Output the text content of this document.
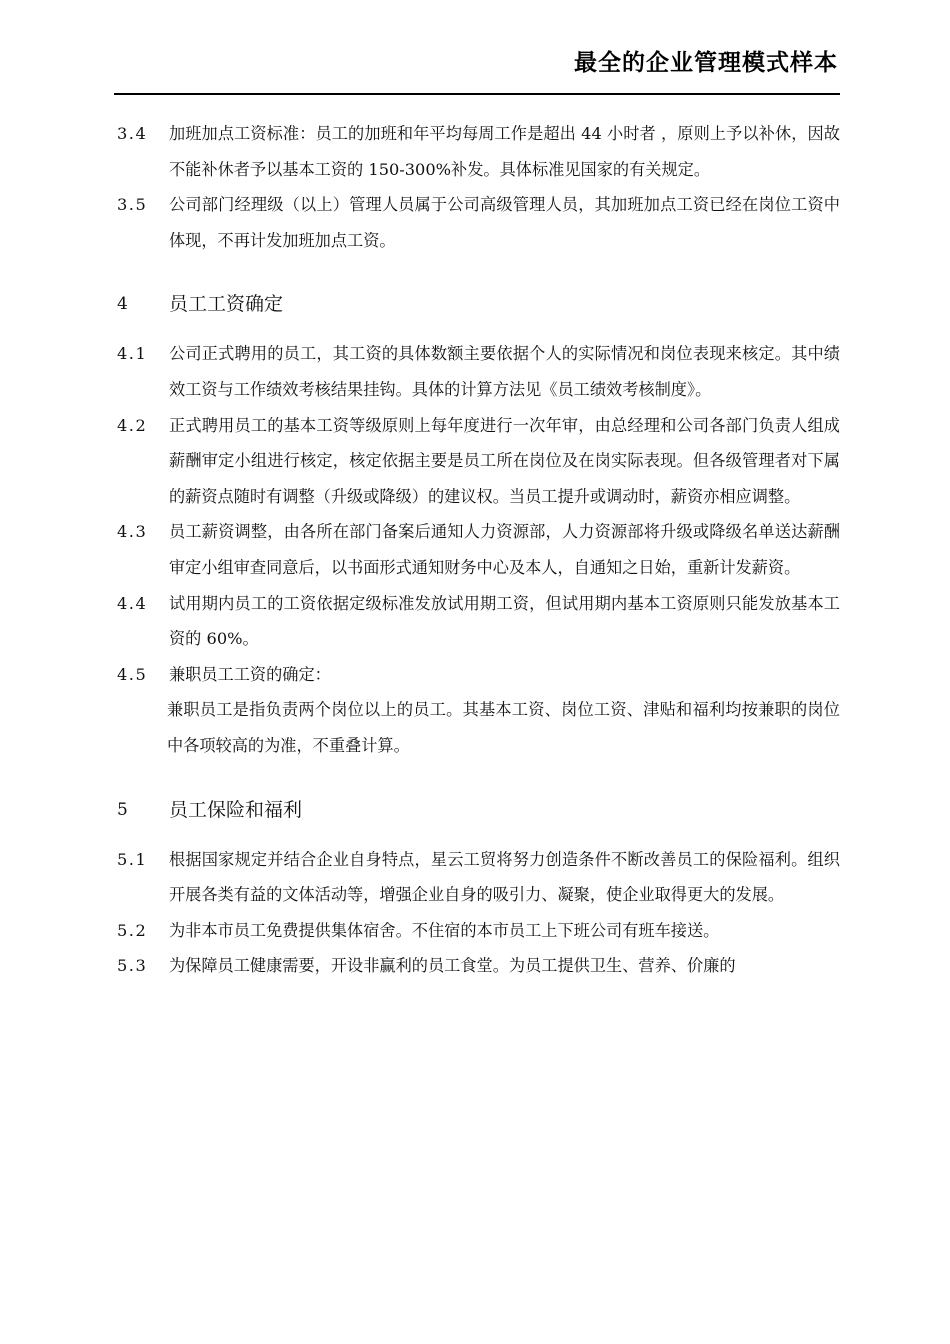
最全的企业管理模式样本
3.4	加班加点工资标准：员工的加班和年平均每周工作是超出 44 小时者 ，原则上予以补休，因故不能补休者予以基本工资的 150-300%补发。具体标准见国家的有关规定。
3.5	公司部门经理级（以上）管理人员属于公司高级管理人员，其加班加点工资已经在岗位工资中体现，不再计发加班加点工资。
4	员工工资确定
4.1	公司正式聘用的员工，其工资的具体数额主要依据个人的实际情况和岗位表现来核定。其中绩效工资与工作绩效考核结果挂钩。具体的计算方法见《员工绩效考核制度》。
4.2	正式聘用员工的基本工资等级原则上每年度进行一次年审，由总经理和公司各部门负责人组成薪酬审定小组进行核定，核定依据主要是员工所在岗位及在岗实际表现。但各级管理者对下属的薪资点随时有调整（升级或降级）的建议权。当员工提升或调动时，薪资亦相应调整。
4.3	员工薪资调整，由各所在部门备案后通知人力资源部，人力资源部将升级或降级名单送达薪酬审定小组审查同意后，以书面形式通知财务中心及本人，自通知之日始，重新计发薪资。
4.4	试用期内员工的工资依据定级标准发放试用期工资，但试用期内基本工资原则只能发放基本工资的 60%。
4.5	兼职员工工资的确定：
兼职员工是指负责两个岗位以上的员工。其基本工资、岗位工资、津贴和福利均按兼职的岗位中各项较高的为准，不重叠计算。
5	员工保险和福利
5.1	根据国家规定并结合企业自身特点，星云工贸将努力创造条件不断改善员工的保险福利。组织开展各类有益的文体活动等，增强企业自身的吸引力、凝聚，使企业取得更大的发展。
5.2	为非本市员工免费提供集体宿舍。不住宿的本市员工上下班公司有班车接送。
5.3	为保障员工健康需要，开设非赢利的员工食堂。为员工提供卫生、营养、价廉的
